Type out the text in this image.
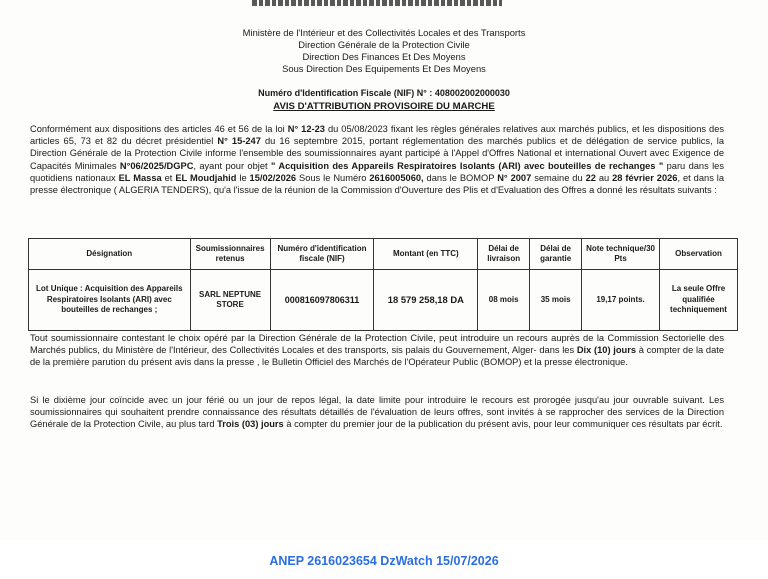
Ministère de l'Intérieur et des Collectivités Locales et des Transports
Direction Générale de la Protection Civile
Direction Des Finances Et Des Moyens
Sous Direction Des Equipements Et Des Moyens
Numéro d'Identification Fiscale (NIF) N° : 408002002000030
AVIS D'ATTRIBUTION PROVISOIRE DU MARCHE

Conformément aux dispositions des articles 46 et 56 de la loi N° 12-23 du 05/08/2023 fixant les règles générales relatives aux marchés publics, et les dispositions des articles 65, 73 et 82 du décret présidentiel N° 15-247 du 16 septembre 2015, portant réglementation des marchés publics et de délégation de service publics, la Direction Générale de la Protection Civile informe l'ensemble des soumissionnaires ayant participé à l'Appel d'Offres National et international Ouvert avec Exigence de Capacités Minimales N°06/2025/DGPC, ayant pour objet " Acquisition des Appareils Respiratoires Isolants (ARI) avec bouteilles de rechanges " paru dans les quotidiens nationaux EL Massa et EL Moudjahid le 15/02/2026 Sous le Numéro 2616005060, dans le BOMOP N° 2007 semaine du 22 au 28 février 2026, et dans la presse électronique ( ALGERIA TENDERS), qu'a l'issue de la réunion de la Commission d'Ouverture des Plis et d'Evaluation des Offres a donné les résultats suivants :

Désignation	Soumissionnaires retenus	Numéro d'identification fiscale (NIF)	Montant (en TTC)	Délai de livraison	Délai de garantie	Note technique/30 Pts	Observation
Lot Unique : Acquisition des Appareils Respiratoires Isolants (ARI) avec bouteilles de rechanges ;	SARL NEPTUNE STORE	000816097806311	18 579 258,18 DA	08 mois	35 mois	19,17 points.	La seule Offre qualifiée techniquement

Tout soumissionnaire contestant le choix opéré par la Direction Générale de la Protection Civile, peut introduire un recours auprès de la Commission Sectorielle des Marchés publics, du Ministère de l'Intérieur, des Collectivités Locales et des transports, sis palais du Gouvernement, Alger- dans les Dix (10) jours à compter de la date de la première parution du présent avis dans la presse , le Bulletin Officiel des Marchés de l'Opérateur Public (BOMOP) et la presse électronique.

Si le dixième jour coïncide avec un jour férié ou un jour de repos légal, la date limite pour introduire le recours est prorogée jusqu'au jour ouvrable suivant. Les soumissionnaires qui souhaitent prendre connaissance des résultats détaillés de l'évaluation de leurs offres, sont invités à se rapprocher des services de la Direction Générale de la Protection Civile, au plus tard Trois (03) jours à compter du premier jour de la publication du présent avis, pour leur communiquer ces résultats par écrit.

ANEP 2616023654 DzWatch 15/07/2026
